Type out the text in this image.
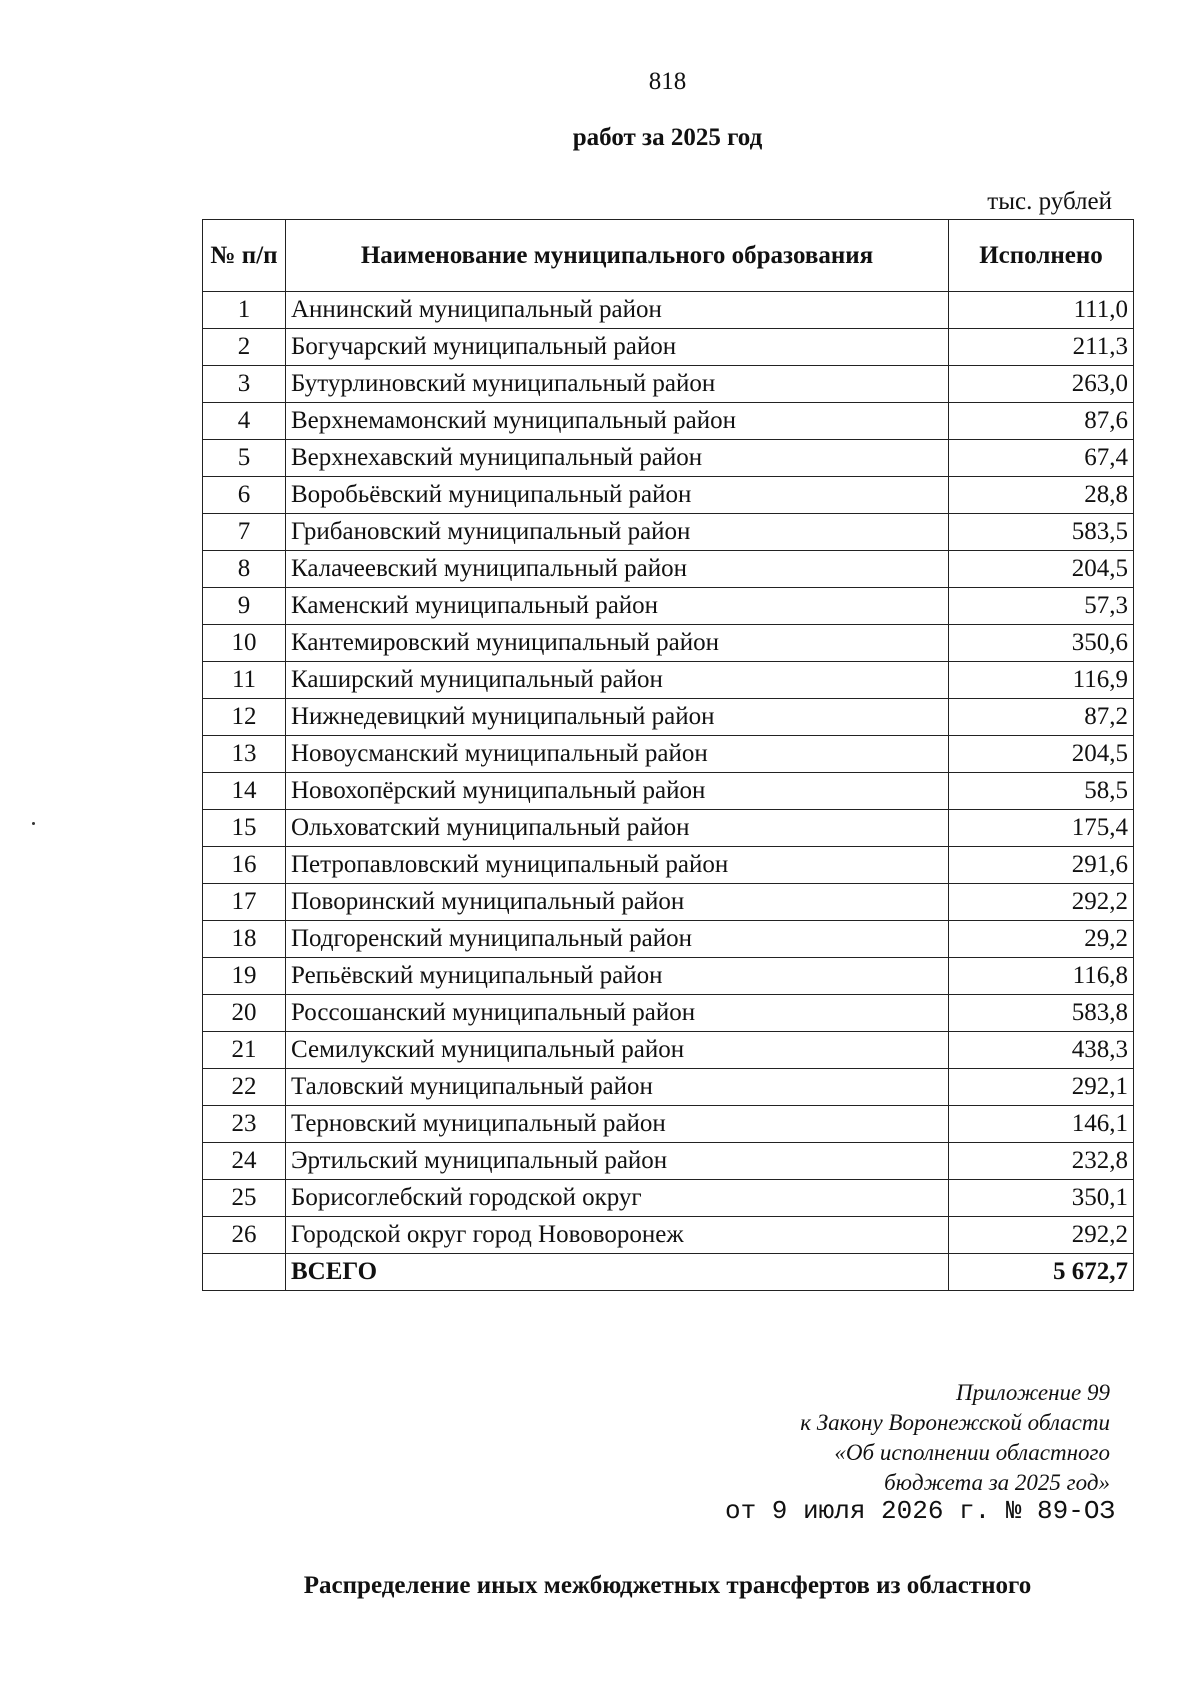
818
работ за 2025 год
тыс. рублей
№ п/п	Наименование муниципального образования	Исполнено
1	Аннинский муниципальный район	111,0
2	Богучарский муниципальный район	211,3
3	Бутурлиновский муниципальный район	263,0
4	Верхнемамонский муниципальный район	87,6
5	Верхнехавский муниципальный район	67,4
6	Воробьёвский муниципальный район	28,8
7	Грибановский муниципальный район	583,5
8	Калачеевский муниципальный район	204,5
9	Каменский муниципальный район	57,3
10	Кантемировский муниципальный район	350,6
11	Каширский муниципальный район	116,9
12	Нижнедевицкий муниципальный район	87,2
13	Новоусманский муниципальный район	204,5
14	Новохопёрский муниципальный район	58,5
15	Ольховатский муниципальный район	175,4
16	Петропавловский муниципальный район	291,6
17	Поворинский муниципальный район	292,2
18	Подгоренский муниципальный район	29,2
19	Репьёвский муниципальный район	116,8
20	Россошанский муниципальный район	583,8
21	Семилукский муниципальный район	438,3
22	Таловский муниципальный район	292,1
23	Терновский муниципальный район	146,1
24	Эртильский муниципальный район	232,8
25	Борисоглебский городской округ	350,1
26	Городской округ город Нововоронеж	292,2
	ВСЕГО	5 672,7
Приложение 99
к Закону Воронежской области
«Об исполнении областного
бюджета за 2025 год»
от 9 июля 2026 г. № 89-ОЗ
Распределение иных межбюджетных трансфертов из областного
